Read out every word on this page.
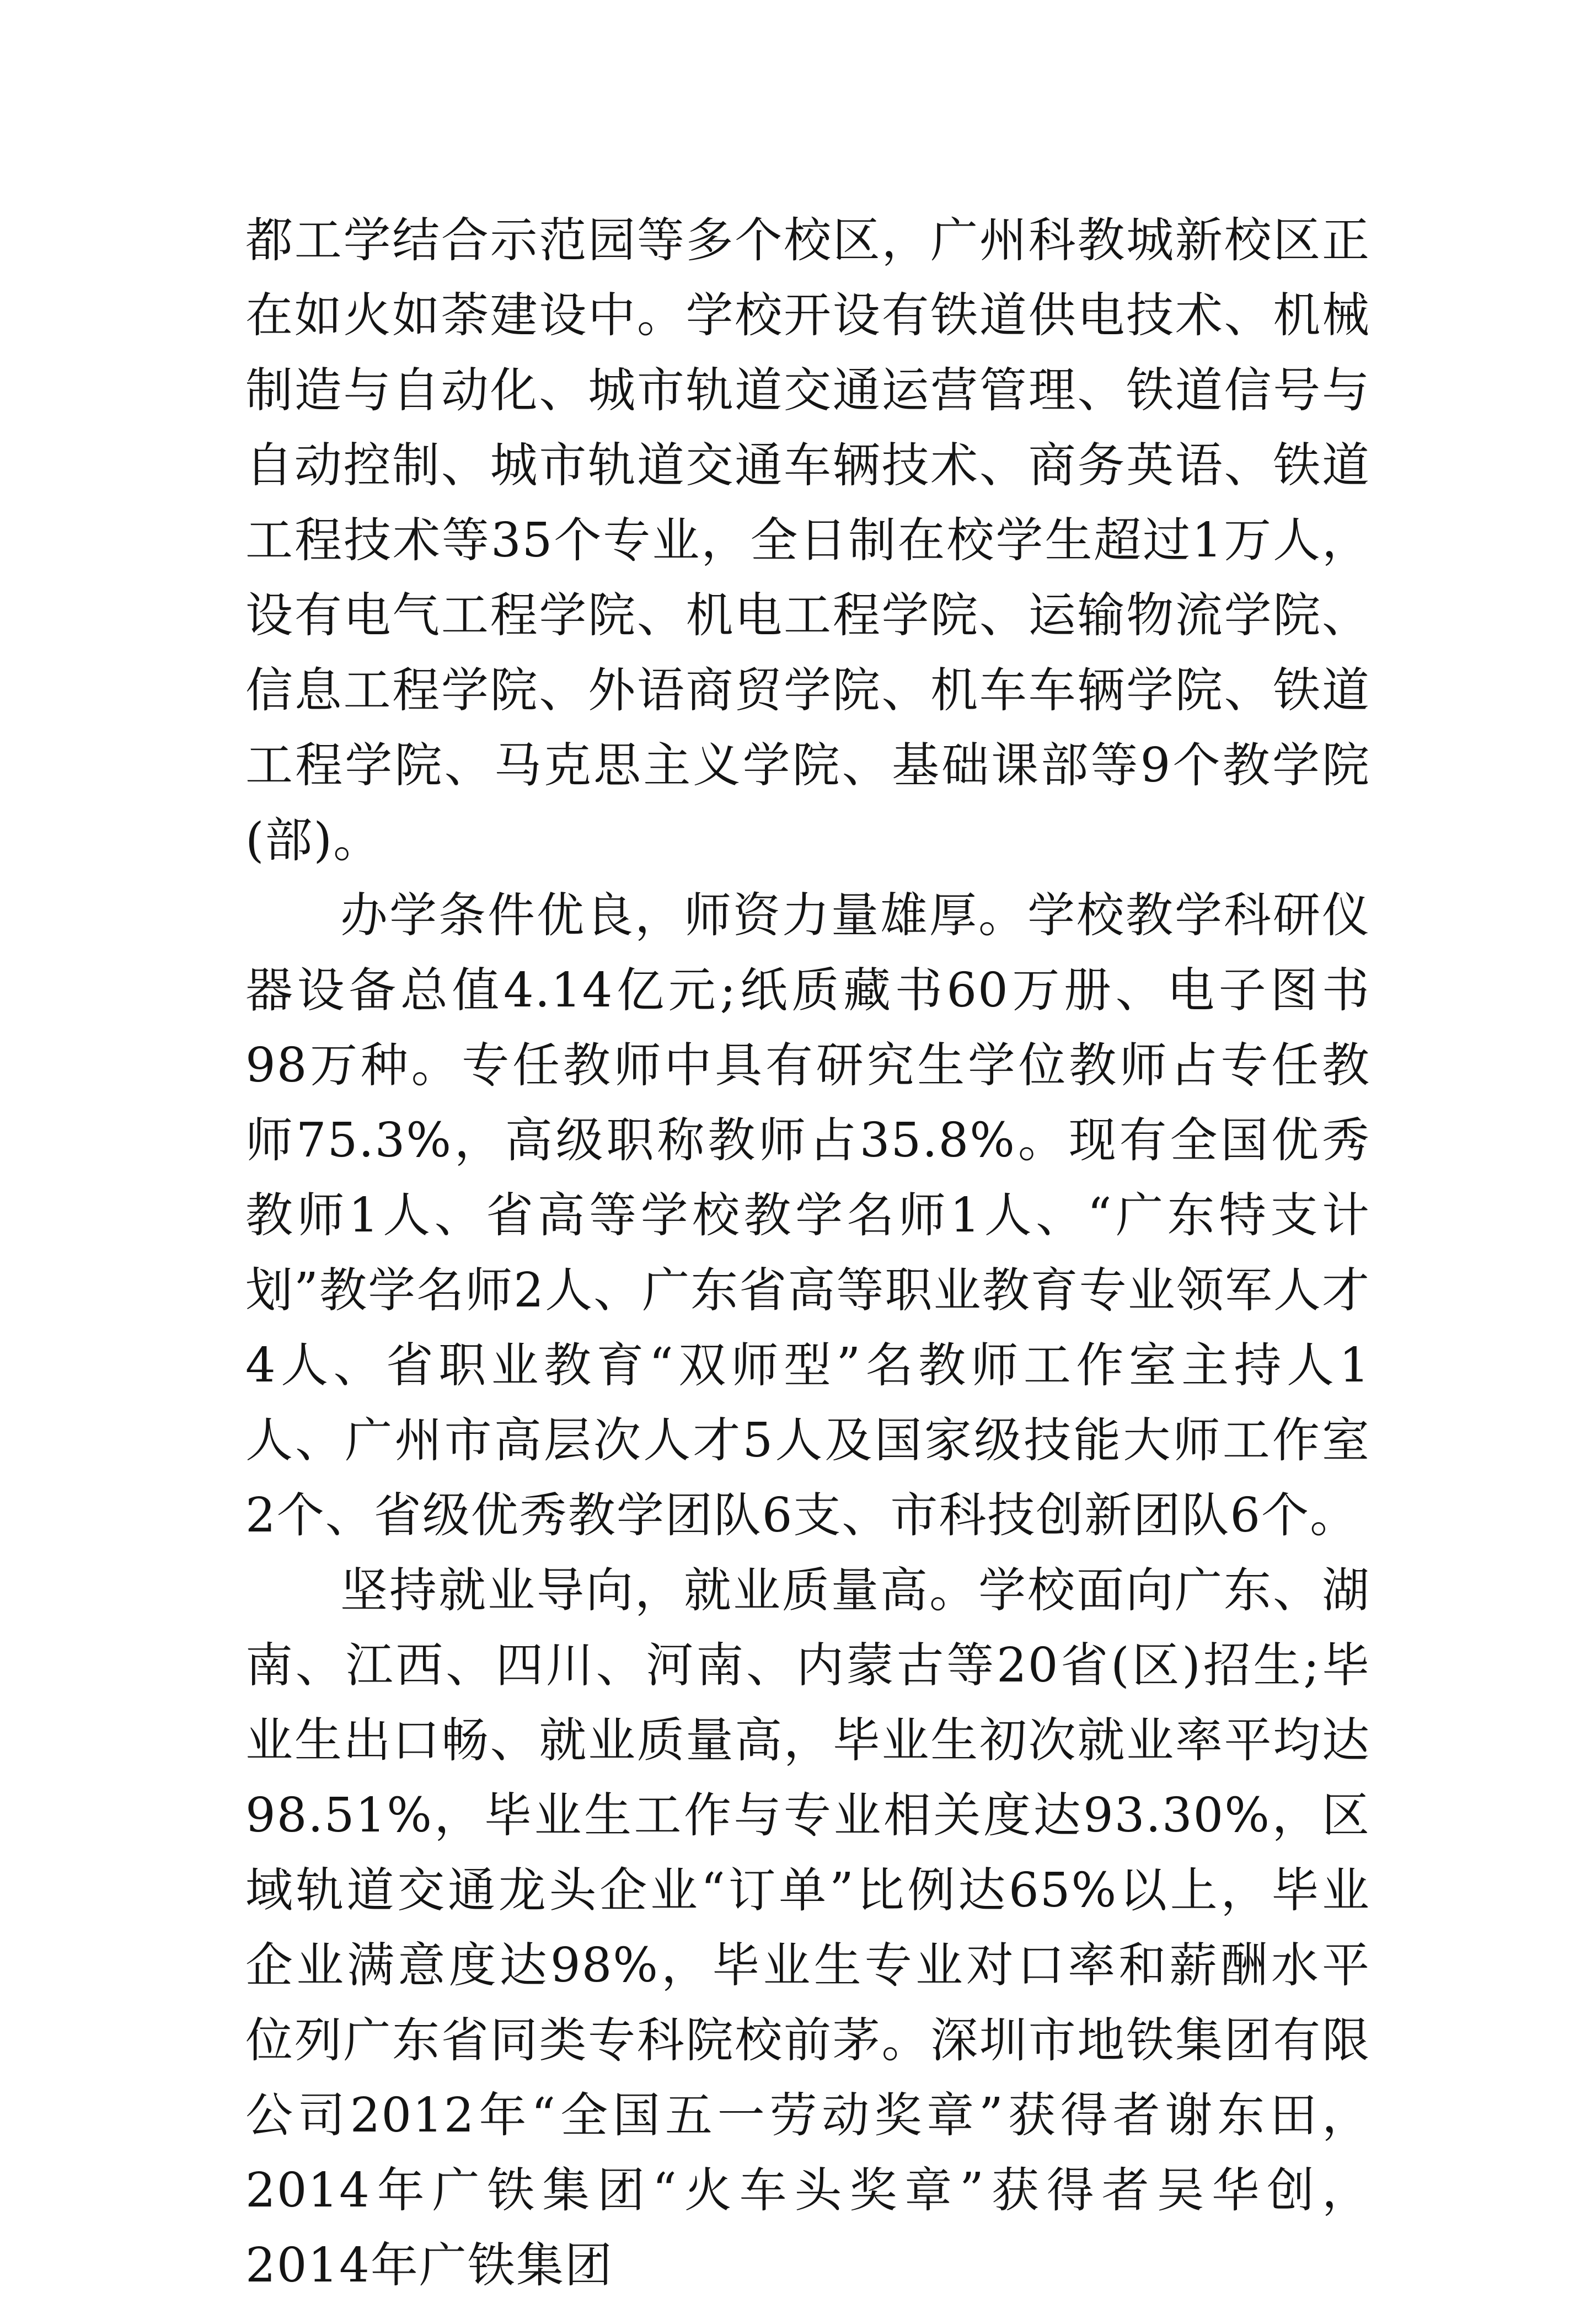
都工学结合示范园等多个校区，广州科教城新校区正在如火如荼建设中。学校开设有铁道供电技术、机械制造与自动化、城市轨道交通运营管理、铁道信号与自动控制、城市轨道交通车辆技术、商务英语、铁道工程技术等35个专业，全日制在校学生超过1万人，设有电气工程学院、机电工程学院、运输物流学院、信息工程学院、外语商贸学院、机车车辆学院、铁道工程学院、马克思主义学院、基础课部等9个教学院(部)。

办学条件优良，师资力量雄厚。学校教学科研仪器设备总值4.14亿元;纸质藏书60万册、电子图书98万种。专任教师中具有研究生学位教师占专任教师75.3%，高级职称教师占35.8%。现有全国优秀教师1人、省高等学校教学名师1人、“广东特支计划”教学名师2人、广东省高等职业教育专业领军人才4人、省职业教育“双师型”名教师工作室主持人1人、广州市高层次人才5人及国家级技能大师工作室2个、省级优秀教学团队6支、市科技创新团队6个。

坚持就业导向，就业质量高。学校面向广东、湖南、江西、四川、河南、内蒙古等20省(区)招生;毕业生出口畅、就业质量高，毕业生初次就业率平均达98.51%，毕业生工作与专业相关度达93.30%，区域轨道交通龙头企业“订单”比例达65%以上，毕业企业满意度达98%，毕业生专业对口率和薪酬水平位列广东省同类专科院校前茅。深圳市地铁集团有限公司2012年“全国五一劳动奖章”获得者谢东田，2014年广铁集团“火车头奖章”获得者吴华创，2014年广铁集团
